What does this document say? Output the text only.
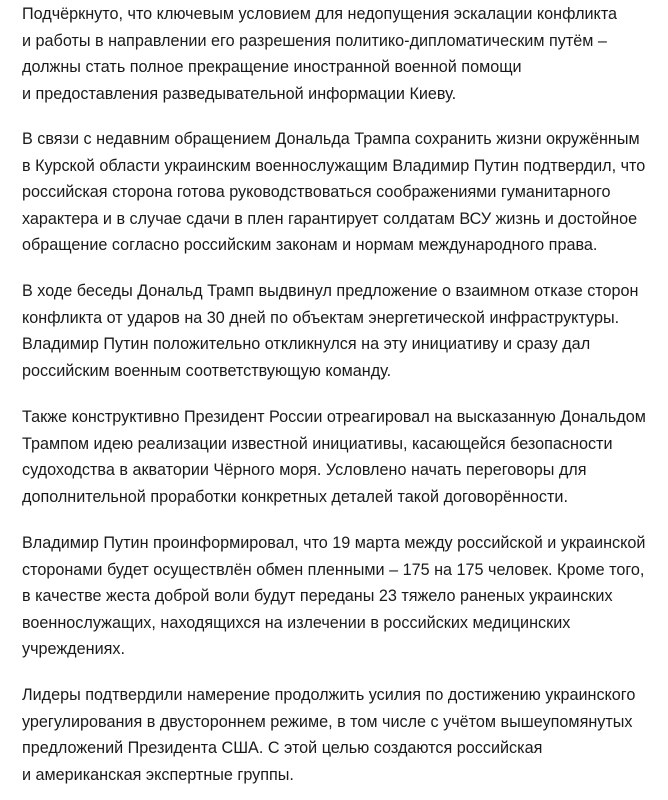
Подчёркнуто, что ключевым условием для недопущения эскалации конфликта
и работы в направлении его разрешения политико-дипломатическим путём –
должны стать полное прекращение иностранной военной помощи
и предоставления разведывательной информации Киеву.

В связи с недавним обращением Дональда Трампа сохранить жизни окружённым
в Курской области украинским военнослужащим Владимир Путин подтвердил, что
российская сторона готова руководствоваться соображениями гуманитарного
характера и в случае сдачи в плен гарантирует солдатам ВСУ жизнь и достойное
обращение согласно российским законам и нормам международного права.

В ходе беседы Дональд Трамп выдвинул предложение о взаимном отказе сторон
конфликта от ударов на 30 дней по объектам энергетической инфраструктуры.
Владимир Путин положительно откликнулся на эту инициативу и сразу дал
российским военным соответствующую команду.

Также конструктивно Президент России отреагировал на высказанную Дональдом
Трампом идею реализации известной инициативы, касающейся безопасности
судоходства в акватории Чёрного моря. Условлено начать переговоры для
дополнительной проработки конкретных деталей такой договорённости.

Владимир Путин проинформировал, что 19 марта между российской и украинской
сторонами будет осуществлён обмен пленными – 175 на 175 человек. Кроме того,
в качестве жеста доброй воли будут переданы 23 тяжело раненых украинских
военнослужащих, находящихся на излечении в российских медицинских
учреждениях.

Лидеры подтвердили намерение продолжить усилия по достижению украинского
урегулирования в двустороннем режиме, в том числе с учётом вышеупомянутых
предложений Президента США. С этой целью создаются российская
и американская экспертные группы.
